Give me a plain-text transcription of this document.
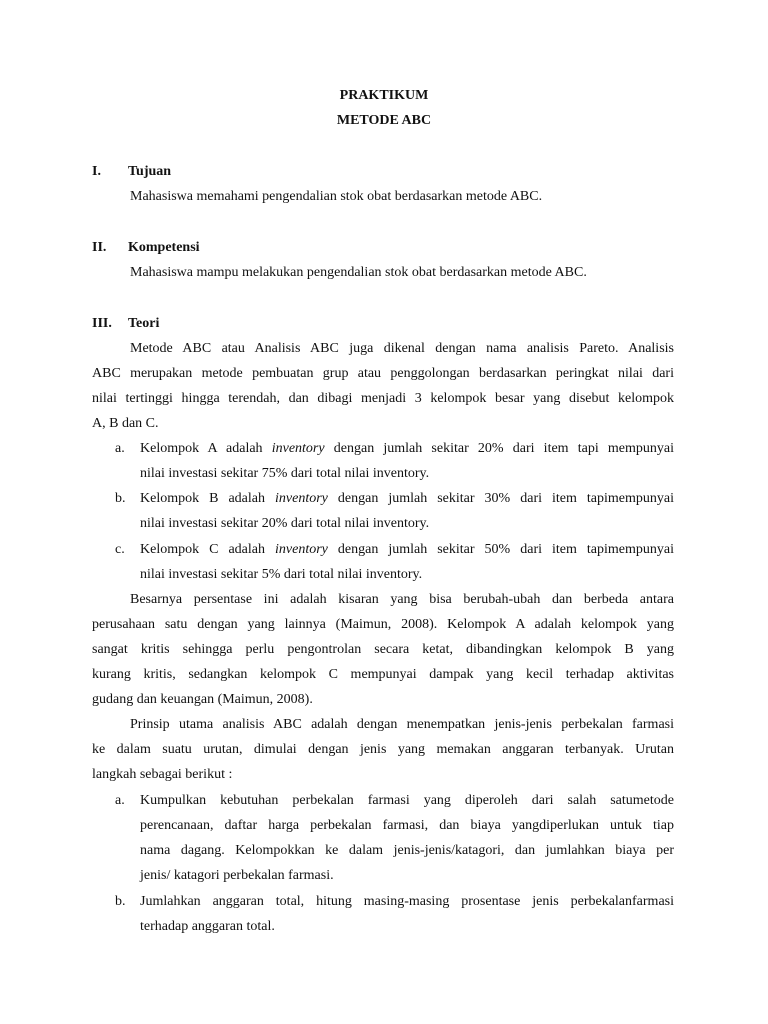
PRAKTIKUM
METODE ABC
I. Tujuan
Mahasiswa memahami pengendalian stok obat berdasarkan metode ABC.
II. Kompetensi
Mahasiswa mampu melakukan pengendalian stok obat berdasarkan metode ABC.
III. Teori
Metode ABC atau Analisis ABC juga dikenal dengan nama analisis Pareto. Analisis
ABC merupakan metode pembuatan grup atau penggolongan berdasarkan peringkat nilai dari
nilai tertinggi hingga terendah, dan dibagi menjadi 3 kelompok besar yang disebut kelompok
A, B dan C.
a. Kelompok A adalah inventory dengan jumlah sekitar 20% dari item tapi mempunyai
nilai investasi sekitar 75% dari total nilai inventory.
b. Kelompok B adalah inventory dengan jumlah sekitar 30% dari item tapimempunyai
nilai investasi sekitar 20% dari total nilai inventory.
c. Kelompok C adalah inventory dengan jumlah sekitar 50% dari item tapimempunyai
nilai investasi sekitar 5% dari total nilai inventory.
Besarnya persentase ini adalah kisaran yang bisa berubah-ubah dan berbeda antara
perusahaan satu dengan yang lainnya (Maimun, 2008). Kelompok A adalah kelompok yang
sangat kritis sehingga perlu pengontrolan secara ketat, dibandingkan kelompok B yang
kurang kritis, sedangkan kelompok C mempunyai dampak yang kecil terhadap aktivitas
gudang dan keuangan (Maimun, 2008).
Prinsip utama analisis ABC adalah dengan menempatkan jenis-jenis perbekalan farmasi
ke dalam suatu urutan, dimulai dengan jenis yang memakan anggaran terbanyak. Urutan
langkah sebagai berikut :
a. Kumpulkan kebutuhan perbekalan farmasi yang diperoleh dari salah satumetode
perencanaan, daftar harga perbekalan farmasi, dan biaya yangdiperlukan untuk tiap
nama dagang. Kelompokkan ke dalam jenis-jenis/katagori, dan jumlahkan biaya per
jenis/ katagori perbekalan farmasi.
b. Jumlahkan anggaran total, hitung masing-masing prosentase jenis perbekalanfarmasi
terhadap anggaran total.
